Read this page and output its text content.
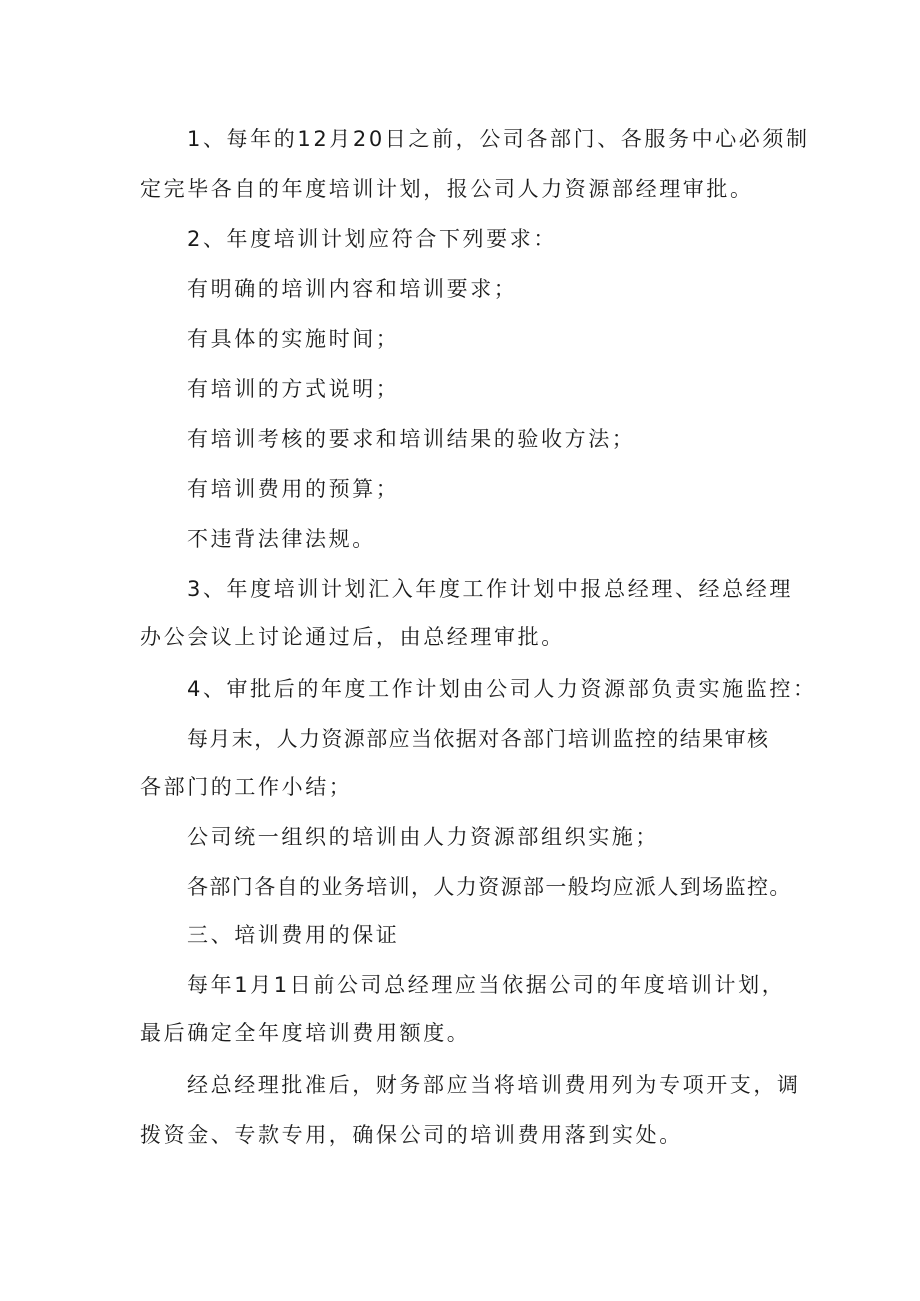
1、每年的12月20日之前，公司各部门、各服务中心必须制
定完毕各自的年度培训计划，报公司人力资源部经理审批。
2、年度培训计划应符合下列要求：
有明确的培训内容和培训要求；
有具体的实施时间；
有培训的方式说明；
有培训考核的要求和培训结果的验收方法；
有培训费用的预算；
不违背法律法规。
3、年度培训计划汇入年度工作计划中报总经理、经总经理
办公会议上讨论通过后，由总经理审批。
4、审批后的年度工作计划由公司人力资源部负责实施监控：
每月末，人力资源部应当依据对各部门培训监控的结果审核
各部门的工作小结；
公司统一组织的培训由人力资源部组织实施；
各部门各自的业务培训，人力资源部一般均应派人到场监控。
三、培训费用的保证
每年1月1日前公司总经理应当依据公司的年度培训计划，
最后确定全年度培训费用额度。
经总经理批准后，财务部应当将培训费用列为专项开支，调
拨资金、专款专用，确保公司的培训费用落到实处。
